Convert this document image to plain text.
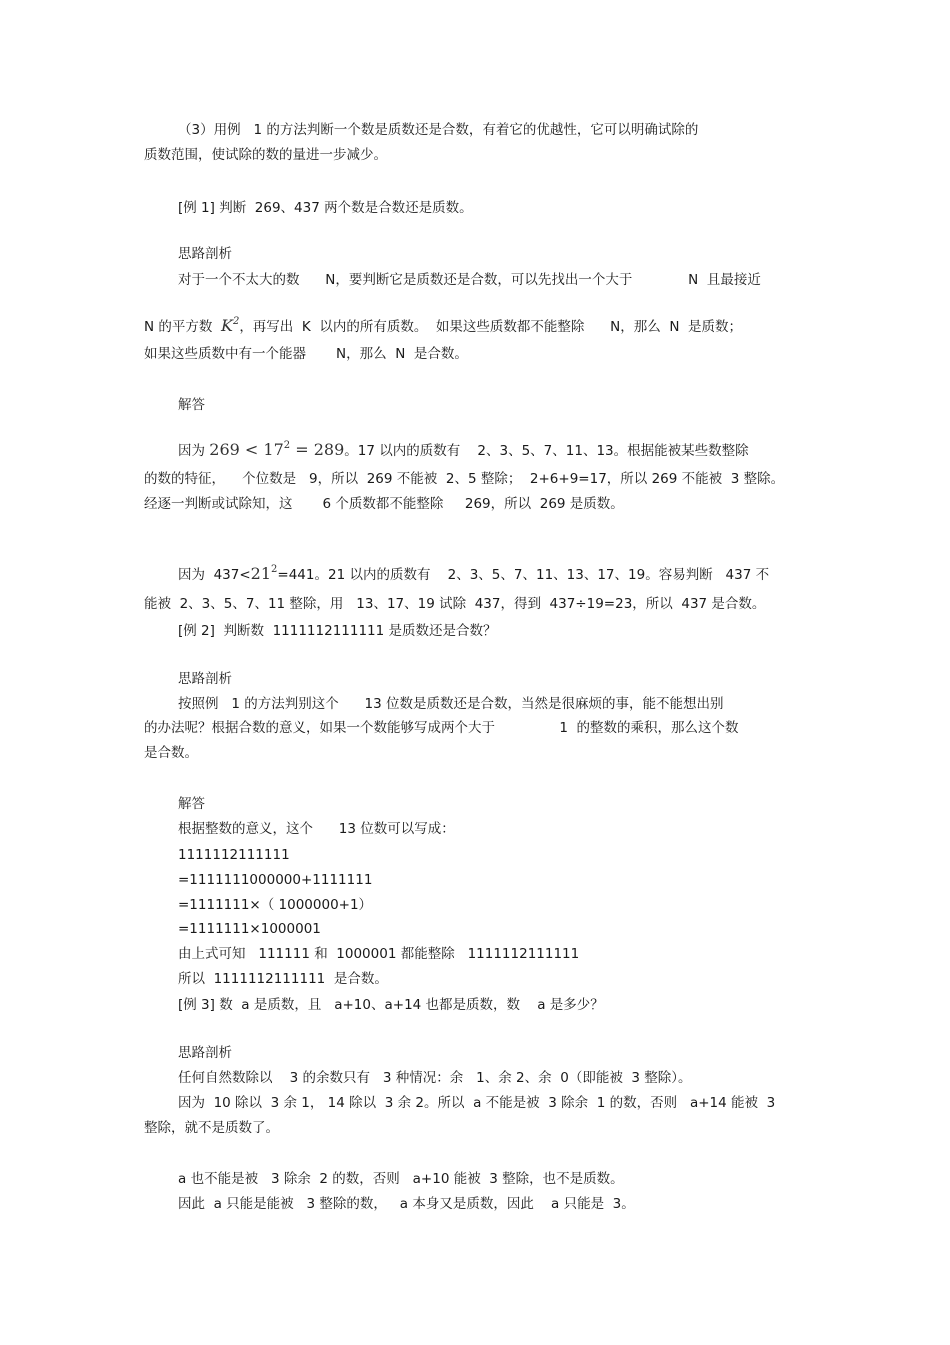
（3）用例   1 的方法判断一个数是质数还是合数，有着它的优越性，它可以明确试除的
质数范围，使试除的数的量进一步减少。
[例 1] 判断  269、437 两个数是合数还是质数。
思路剖析
对于一个不太大的数      N，要判断它是质数还是合数，可以先找出一个大于             N  且最接近
N 的平方数  $K^2$，再写出  K  以内的所有质数。  如果这些质数都不能整除      N，那么  N  是质数；
如果这些质数中有一个能器       N，那么  N  是合数。
解答
因为 $269 < 17^2 = 289$。17 以内的质数有    2、3、5、7、11、13。根据能被某些数整除
的数的特征，    个位数是   9，所以  269 不能被  2、5 整除；  2+6+9=17，所以 269 不能被  3 整除。
经逐一判断或试除知，这       6 个质数都不能整除     269，所以  269 是质数。
因为  $437<21^2=441$。21 以内的质数有    2、3、5、7、11、13、17、19。容易判断   437 不
能被  2、3、5、7、11 整除，用   13、17、19 试除  437，得到  437÷19=23，所以  437 是合数。
[例 2]  判断数  1111112111111 是质数还是合数？
思路剖析
按照例   1 的方法判别这个      13 位数是质数还是合数，当然是很麻烦的事，能不能想出别
的办法呢？根据合数的意义，如果一个数能够写成两个大于               1  的整数的乘积，那么这个数
是合数。
解答
根据整数的意义，这个      13 位数可以写成：
1111112111111
=1111111000000+1111111
=1111111×（ 1000000+1）
=1111111×1000001
由上式可知   111111 和  1000001 都能整除   1111112111111
所以  1111112111111  是合数。
[例 3] 数  a 是质数，且   a+10、a+14 也都是质数，数    a 是多少？
思路剖析
任何自然数除以    3 的余数只有   3 种情况：余   1、余 2、余  0（即能被  3 整除）。
因为  10 除以  3 余 1， 14 除以  3 余 2。所以  a 不能是被  3 除余  1 的数，否则   a+14 能被  3
整除，就不是质数了。
a 也不能是被   3 除余  2 的数，否则   a+10 能被  3 整除，也不是质数。
因此  a 只能是能被   3 整除的数，   a 本身又是质数，因此    a 只能是  3。
